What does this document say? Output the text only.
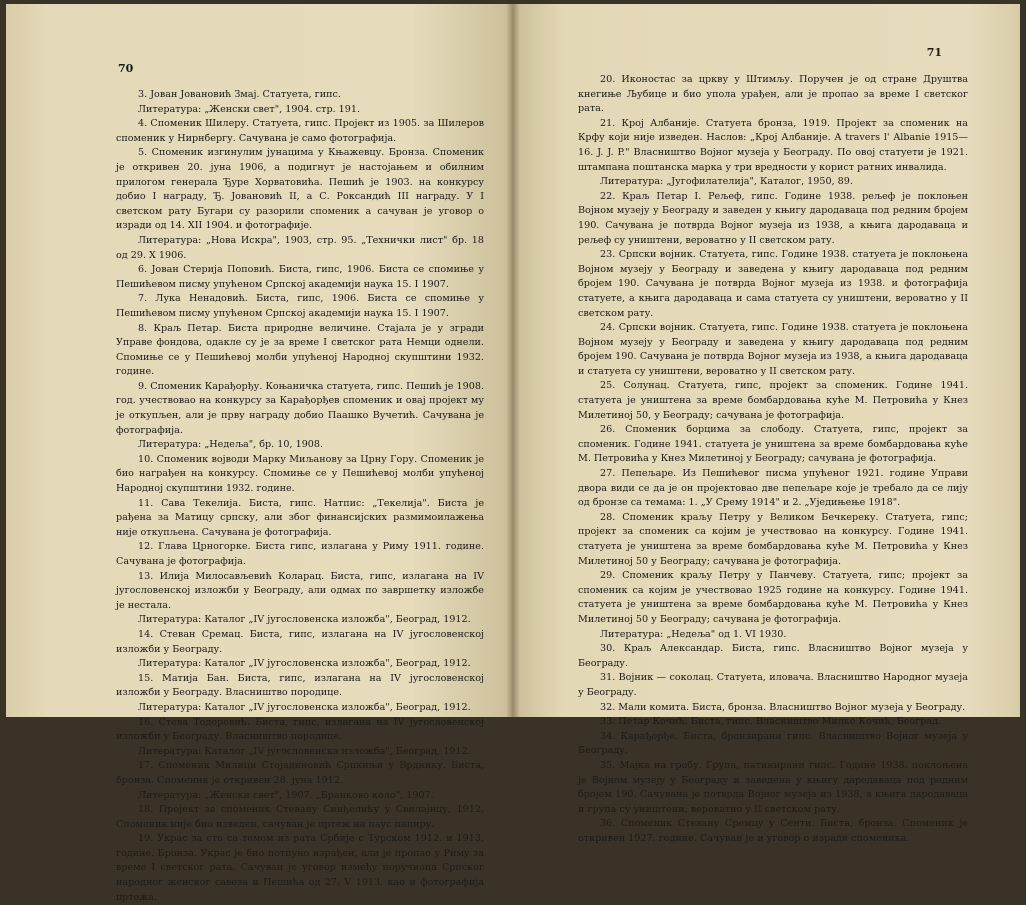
70

3. Јован Јовановић Змај. Статуета, гипс.

Литература: „Женски свет", 1904. стр. 191.

4. Споменик Шилеру. Статуета, гипс. Пројект из 1905. за Шилеров споменик у Нирнбергу. Сачувана је само фотографија.

5. Споменик изгинулим јунацима у Књажевцу. Бронза. Споменик је откривен 20. јуна 1906, а подигнут је настојањем и обилним прилогом генерала Ђуре Хорватовића. Пешић је 1903. на конкурсу добио I награду, Ђ. Јовановић II, а С. Роксандић III награду. У I светском рату Бугари су разорили споменик а сачуван је уговор о изради од 14. XII 1904. и фотографије.

Литература: „Нова Искра", 1903, стр. 95. „Технички лист" бр. 18 од 29. X 1906.

6. Јован Стерија Поповић. Биста, гипс, 1906. Биста се спомиње у Пешићевом писму упућеном Српској академији наука 15. I 1907.

7. Лука Ненадовић. Биста, гипс, 1906. Биста се спомиње у Пешићевом писму упућеном Српској академији наука 15. I 1907.

8. Краљ Петар. Биста природне величине. Стајала је у згради Управе фондова, одакле су је за време I светског рата Немци однели. Спомиње се у Пешићевој молби упућеној Народној скупштини 1932. године.

9. Споменик Карађорђу. Коњаничка статуета, гипс. Пешић је 1908. год. учествовао на конкурсу за Карађорђев споменик и овај пројект му је откупљен, али је прву награду добио Паашко Вучетић. Сачувана је фотографија.

Литература: „Недеља", бр. 10, 1908.

10. Споменик војводи Марку Миљанову за Црну Гору. Споменик је био награђен на конкурсу. Спомиње се у Пешићевој молби упућеној Народној скупштини 1932. године.

11. Сава Текелија. Биста, гипс. Натпис: „Текелија". Биста је рађена за Матицу српску, али због финансијских размимоилажења није откупљена. Сачувана је фотографија.

12. Глава Црногорке. Биста гипс, излагана у Риму 1911. године. Сачувана је фотографија.

13. Илија Милосављевић Коларац. Биста, гипс, излагана на IV југословенској изложби у Београду, али одмах по завршетку изложбе је нестала.

Литература: Каталог „IV југословенска изложба", Београд, 1912.

14. Стеван Сремац. Биста, гипс, излагана на IV југословенској изложби у Београду.

Литература: Каталог „IV југословенска изложба", Београд, 1912.

15. Матија Бан. Биста, гипс, излагана на IV југословенској изложби у Београду. Власништво породице.

Литература: Каталог „IV југословенска изложба", Београд, 1912.

16. Стева Тодоровић. Биста, гипс, излагана на IV југословенској изложби у Београду. Власништво породице.

Литература: Каталог „IV југословенска изложба", Београд, 1912.

17. Споменик Милици Стојадиновић Српкињи у Врднику. Биста, бронза. Споменик је откривен 28. јуна 1912.

Литература: „Женски свет", 1907. „Бранково коло", 1907.

18. Пројект за споменик Стевану Синђелићу у Свилајнцу, 1912. Споменик није био изведен, сачуван је цртеж на паус папиру.

19. Украс за сто са темом из рата Србије с Турском 1912. и 1913. године. Бронза. Украс је био потпуно израђен, али је пропао у Риму за време I светског рата. Сачуван је уговор између поручиоца Српског народног женског савеза и Пешића од 27. V 1913. као и фотографија цртежа.

71

20. Иконостас за цркву у Штимљу. Поручен је од стране Друштва кнегиње Љубице и био упола урађен, али је пропао за време I светског рата.

21. Крој Албаније. Статуета бронза, 1919. Пројект за споменик на Крфу који није изведен. Наслов: „Крој Албаније. A travers l' Albanie 1915—16. J. J. P." Власништво Војног музеја у Београду. По овој статуети је 1921. штампана поштанска марка у три вредности у корист ратних инвалида.

Литература: „Југофилателија", Каталог, 1950, 89.

22. Краљ Петар I. Рељеф, гипс. Године 1938. рељеф је поклоњен Војном музеју у Београду и заведен у књигу дародаваца под редним бројем 190. Сачувана је потврда Војног музеја из 1938, а књига дародаваца и рељеф су уништени, вероватно у II светском рату.

23. Српски војник. Статуета, гипс. Године 1938. статуета је поклоњена Војном музеју у Београду и заведена у књигу дародаваца под редним бројем 190. Сачувана је потврда Војног музеја из 1938. и фотографија статуете, а књига дародаваца и сама статуета су уништени, вероватно у II светском рату.

24. Српски војник. Статуета, гипс. Године 1938. статуета је поклоњена Војном музеју у Београду и заведена у књигу дародаваца под редним бројем 190. Сачувана је потврда Војног музеја из 1938, а књига дародаваца и статуета су уништени, вероватно у II светском рату.

25. Солунац. Статуета, гипс, пројект за споменик. Године 1941. статуета је уништена за време бомбардовања куће М. Петровића у Кнез Милетиној 50, у Београду; сачувана је фотографија.

26. Споменик борцима за слободу. Статуета, гипс, пројект за споменик. Године 1941. статуета је уништена за време бомбардовања куће М. Петровића у Кнез Милетиној у Београду; сачувана је фотографија.

27. Пепељаре. Из Пешићевог писма упућеног 1921. године Управи двора види се да је он пројектовао две пепељаре које је требало да се лију од бронзе са темама: 1. „У Срему 1914" и 2. „Уједињење 1918".

28. Споменик краљу Петру у Великом Бечкереку. Статуета, гипс; пројект за споменик са којим је учествовао на конкурсу. Године 1941. статуета је уништена за време бомбардовања куће М. Петровића у Кнез Милетиној 50 у Београду; сачувана је фотографија.

29. Споменик краљу Петру у Панчеву. Статуета, гипс; пројект за споменик са којим је учествовао 1925 године на конкурсу. Године 1941. статуета је уништена за време бомбардовања куће М. Петровића у Кнез Милетиној 50 у Београду; сачувана је фотографија.

Литература: „Недеља" од 1. VI 1930.

30. Краљ Александар. Биста, гипс. Власништво Војног музеја у Београду.

31. Војник — соколац. Статуета, иловача. Власништво Народног музеја у Београду.

32. Мали комита. Биста, бронза. Власништво Војног музеја у Београду.

33. Петар Кочић. Биста, гипс. Власништво Милке Кочић, Београд.

34. Карађорђе. Биста, бронзирани гипс. Власништво Војног музеја у Београду.

35. Мајка на гробу. Група, патинирани гипс. Године 1938. поклоњена је Војном музеју у Београду и заведена у књигу дародаваца под редним бројем 190. Сачувана је потврда Војног музеја из 1938, а књига дародаваца и група су уништени, вероватно у II светском рату.

36. Споменик Стевану Сремцу у Сенти. Биста, бронза. Споменик је откривен 1927. године. Сачуван је и уговор о изради споменика.
